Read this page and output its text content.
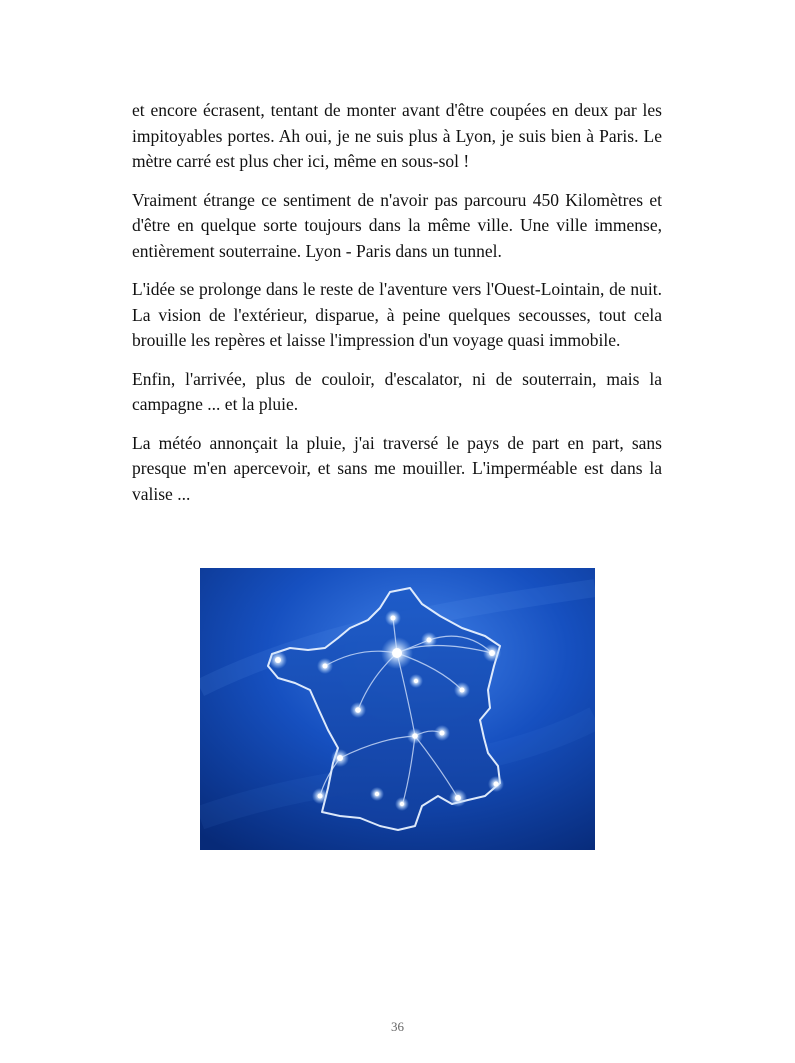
et encore écrasent, tentant de monter avant d'être coupées en deux par les impitoyables portes. Ah oui, je ne suis plus à Lyon, je suis bien à Paris. Le mètre carré est plus cher ici, même en sous-sol !

Vraiment étrange ce sentiment de n'avoir pas parcouru 450 Kilomètres et d'être en quelque sorte toujours dans la même ville. Une ville immense, entièrement souterraine. Lyon - Paris dans un tunnel.

L'idée se prolonge dans le reste de l'aventure vers l'Ouest-Lointain, de nuit. La vision de l'extérieur, disparue, à peine quelques secousses, tout cela brouille les repères et laisse l'impression d'un voyage quasi immobile.

Enfin, l'arrivée, plus de couloir, d'escalator, ni de souterrain, mais la campagne ... et la pluie.

La météo annonçait la pluie, j'ai traversé le pays de part en part, sans presque m'en apercevoir, et sans me mouiller. L'imperméable est dans la valise ...

36
